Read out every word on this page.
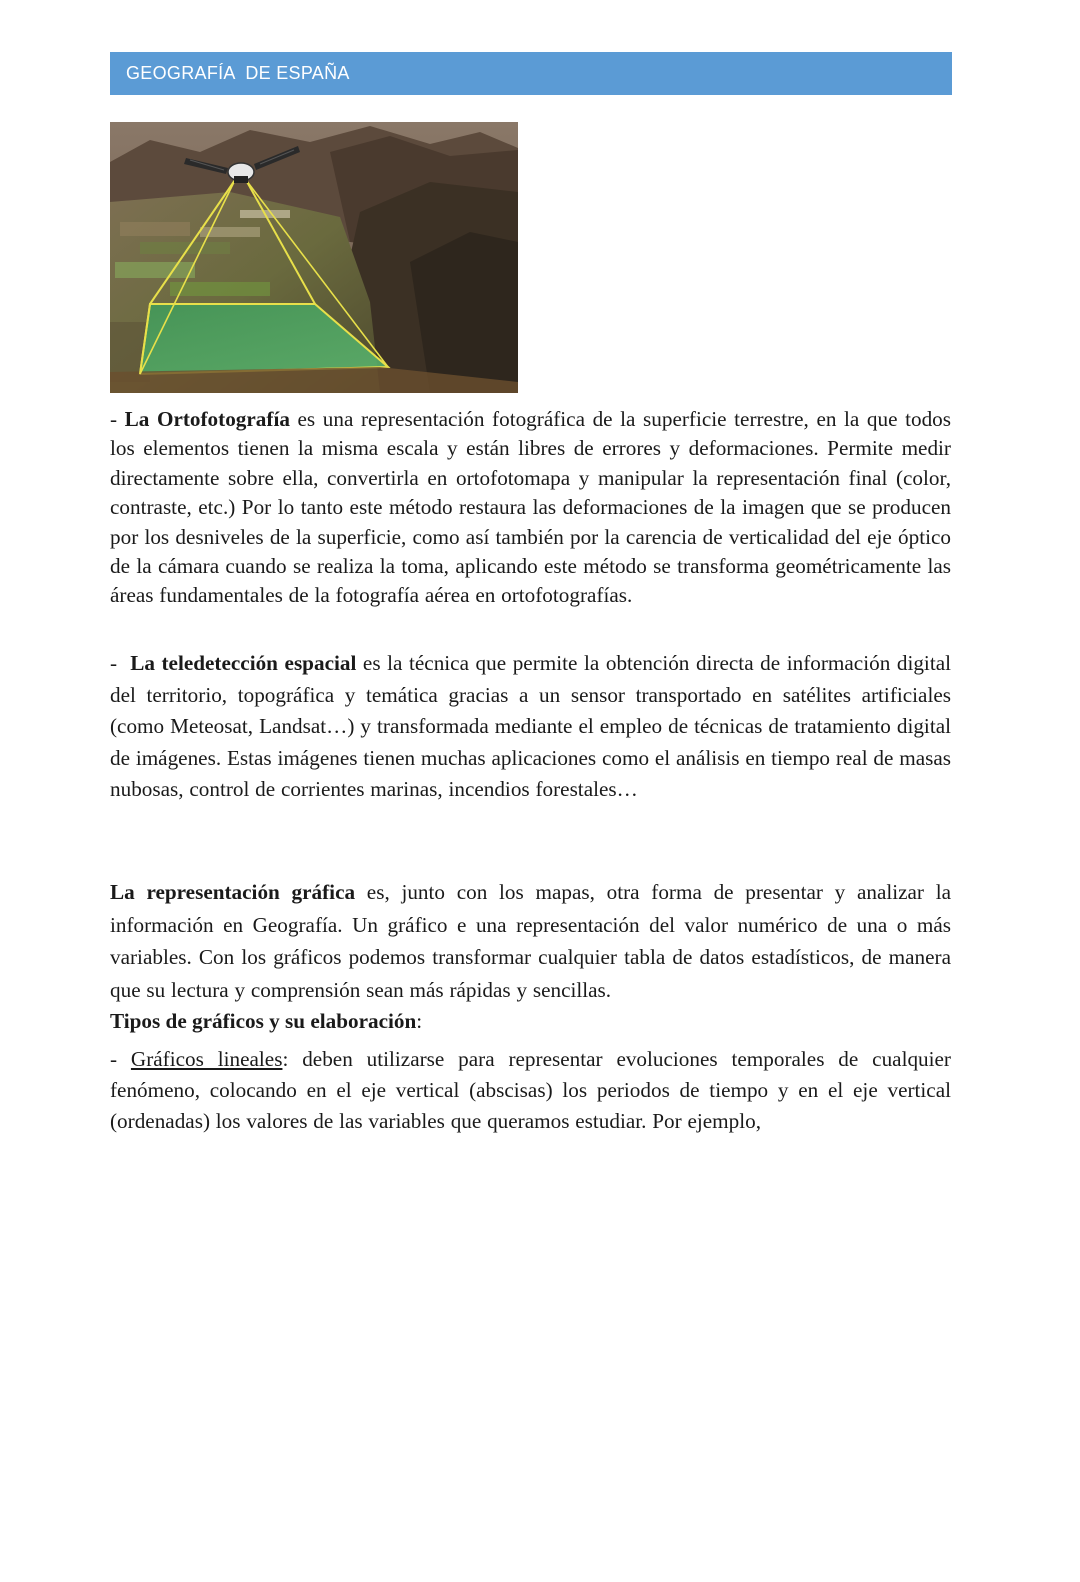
GEOGRAFÍA  DE ESPAÑA

- La Ortofotografía es una representación fotográfica de la superficie terrestre, en la que todos los elementos tienen la misma escala y están libres de errores y deformaciones. Permite medir directamente sobre ella, convertirla en ortofotomapa y manipular la representación final (color, contraste, etc.) Por lo tanto este método restaura las deformaciones de la imagen que se producen por los desniveles de la superficie, como así también por la carencia de verticalidad del eje óptico de la cámara cuando se realiza la toma, aplicando este método se transforma geométricamente las áreas fundamentales de la fotografía aérea en ortofotografías.

-  La teledetección espacial es la técnica que permite la obtención directa de información digital del territorio, topográfica y temática gracias a un sensor transportado en satélites artificiales (como Meteosat, Landsat…) y transformada mediante el empleo de técnicas de tratamiento digital de imágenes. Estas imágenes tienen muchas aplicaciones como el análisis en tiempo real de masas nubosas, control de corrientes marinas, incendios forestales…

La representación gráfica es, junto con los mapas, otra forma de presentar y analizar la información en Geografía. Un gráfico e una representación del valor numérico de una o más variables. Con los gráficos podemos transformar cualquier tabla de datos estadísticos, de manera que su lectura y comprensión sean más rápidas y sencillas.

Tipos de gráficos y su elaboración:

- Gráficos lineales: deben utilizarse para representar evoluciones temporales de cualquier fenómeno, colocando en el eje vertical (abscisas) los periodos de tiempo y en el eje vertical (ordenadas) los valores de las variables que queramos estudiar. Por ejemplo,
